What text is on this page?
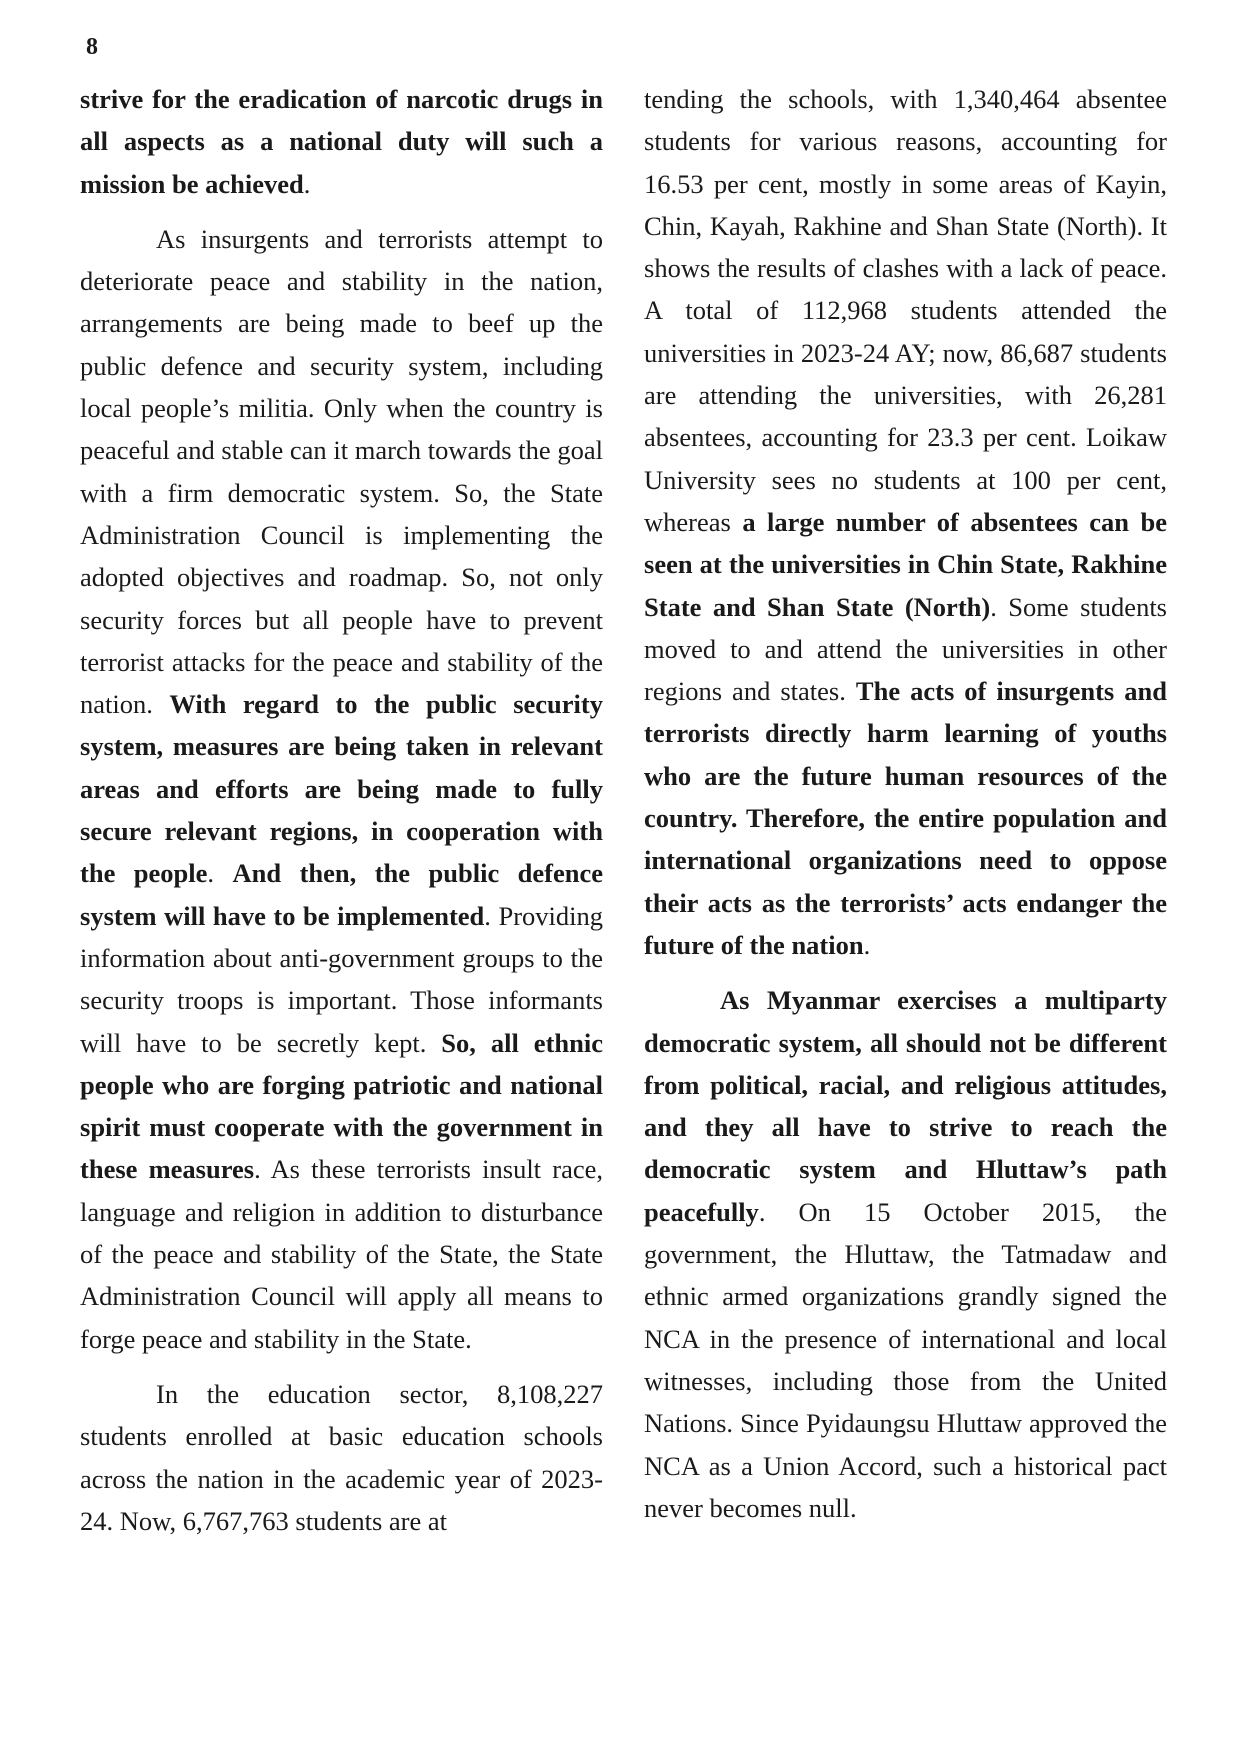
8

strive for the eradication of narcotic drugs in all aspects as a national duty will such a mission be achieved.

As insurgents and terrorists attempt to deteriorate peace and stability in the nation, arrangements are being made to beef up the public defence and security system, including local people’s militia. Only when the country is peaceful and stable can it march towards the goal with a firm democratic system. So, the State Administration Council is implementing the adopted objectives and roadmap. So, not only security forces but all people have to prevent terrorist attacks for the peace and stability of the nation. With regard to the public security system, measures are being taken in relevant areas and efforts are being made to fully secure relevant regions, in cooperation with the people. And then, the public defence system will have to be implemented. Providing information about anti-government groups to the security troops is important. Those informants will have to be secretly kept. So, all ethnic people who are forging patriotic and national spirit must cooperate with the government in these measures. As these terrorists insult race, language and religion in addition to disturbance of the peace and stability of the State, the State Administration Council will apply all means to forge peace and stability in the State.

In the education sector, 8,108,227 students enrolled at basic education schools across the nation in the academic year of 2023-24. Now, 6,767,763 students are at

tending the schools, with 1,340,464 absentee students for various reasons, accounting for 16.53 per cent, mostly in some areas of Kayin, Chin, Kayah, Rakhine and Shan State (North). It shows the results of clashes with a lack of peace. A total of 112,968 students attended the universities in 2023-24 AY; now, 86,687 students are attending the universities, with 26,281 absentees, accounting for 23.3 per cent. Loikaw University sees no students at 100 per cent, whereas a large number of absentees can be seen at the universities in Chin State, Rakhine State and Shan State (North). Some students moved to and attend the universities in other regions and states. The acts of insurgents and terrorists directly harm learning of youths who are the future human resources of the country. Therefore, the entire population and international organizations need to oppose their acts as the terrorists’ acts endanger the future of the nation.

As Myanmar exercises a multiparty democratic system, all should not be different from political, racial, and religious attitudes, and they all have to strive to reach the democratic system and Hluttaw’s path peacefully. On 15 October 2015, the government, the Hluttaw, the Tatmadaw and ethnic armed organizations grandly signed the NCA in the presence of international and local witnesses, including those from the United Nations. Since Pyidaungsu Hluttaw approved the NCA as a Union Accord, such a historical pact never becomes null.
